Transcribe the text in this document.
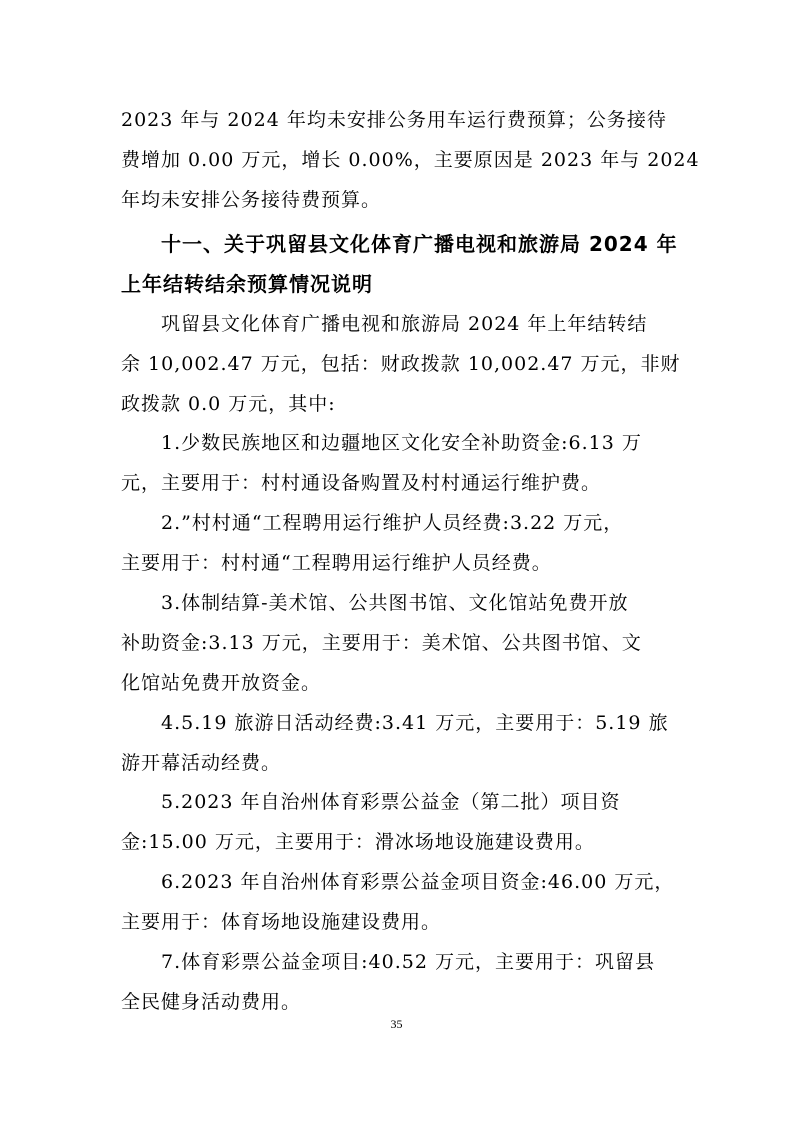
2023 年与 2024 年均未安排公务用车运行费预算；公务接待
费增加 0.00 万元，增长 0.00%，主要原因是 2023 年与 2024
年均未安排公务接待费预算。
十一、关于巩留县文化体育广播电视和旅游局 2024 年
上年结转结余预算情况说明
巩留县文化体育广播电视和旅游局 2024 年上年结转结
余 10,002.47 万元，包括：财政拨款 10,002.47 万元，非财
政拨款 0.0 万元，其中:
1.少数民族地区和边疆地区文化安全补助资金:6.13 万
元，主要用于：村村通设备购置及村村通运行维护费。
2.”村村通“工程聘用运行维护人员经费:3.22 万元，
主要用于：村村通“工程聘用运行维护人员经费。
3.体制结算-美术馆、公共图书馆、文化馆站免费开放
补助资金:3.13 万元，主要用于：美术馆、公共图书馆、文
化馆站免费开放资金。
4.5.19 旅游日活动经费:3.41 万元，主要用于：5.19 旅
游开幕活动经费。
5.2023 年自治州体育彩票公益金（第二批）项目资
金:15.00 万元，主要用于：滑冰场地设施建设费用。
6.2023 年自治州体育彩票公益金项目资金:46.00 万元，
主要用于：体育场地设施建设费用。
7.体育彩票公益金项目:40.52 万元，主要用于：巩留县
全民健身活动费用。
35
